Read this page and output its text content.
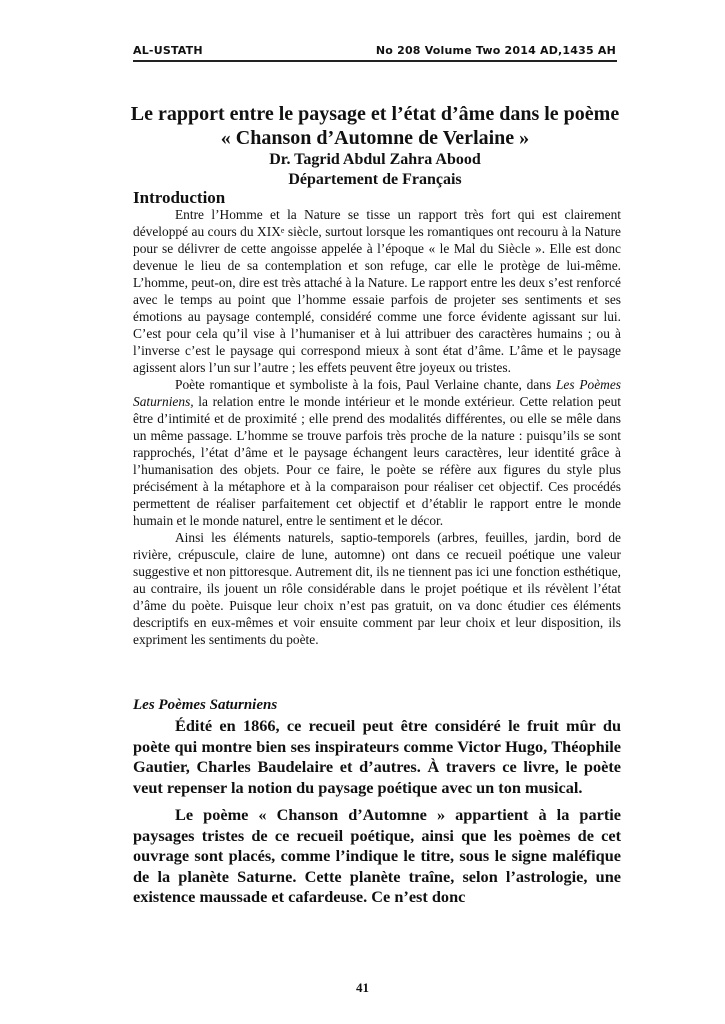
AL-USTATH	No 208 Volume Two 2014 AD,1435 AH
Le rapport entre le paysage et l’état d’âme dans le poème
« Chanson d’Automne de Verlaine »
Dr. Tagrid Abdul Zahra Abood
Département de Français
Introduction

Entre l’Homme et la Nature se tisse un rapport très fort qui est clairement développé au cours du XIXe siècle, surtout lorsque les romantiques ont recouru à la Nature pour se délivrer de cette angoisse appelée à l’époque « le Mal du Siècle ». Elle est donc devenue le lieu de sa contemplation et son refuge, car elle le protège de lui-même. L’homme, peut-on, dire est très attaché à la Nature. Le rapport entre les deux s’est renforcé avec le temps au point que l’homme essaie parfois de projeter ses sentiments et ses émotions au paysage contemplé, considéré comme une force évidente agissant sur lui. C’est pour cela qu’il vise à l’humaniser et à lui attribuer des caractères humains ; ou à l’inverse c’est le paysage qui correspond mieux à sont état d’âme. L’âme et le paysage agissent alors l’un sur l’autre ; les effets peuvent être joyeux ou tristes.

Poète romantique et symboliste à la fois, Paul Verlaine chante, dans Les Poèmes Saturniens, la relation entre le monde intérieur et le monde extérieur. Cette relation peut être d’intimité et de proximité ; elle prend des modalités différentes, ou elle se mêle dans un même passage. L’homme se trouve parfois très proche de la nature : puisqu’ils se sont rapprochés, l’état d’âme et le paysage échangent leurs caractères, leur identité grâce à l’humanisation des objets. Pour ce faire, le poète se réfère aux figures du style plus précisément à la métaphore et à la comparaison pour réaliser cet objectif. Ces procédés permettent de réaliser parfaitement cet objectif et d’établir le rapport entre le monde humain et le monde naturel, entre le sentiment et le décor.

Ainsi les éléments naturels, saptio-temporels (arbres, feuilles, jardin, bord de rivière, crépuscule, claire de lune, automne) ont dans ce recueil poétique une valeur suggestive et non pittoresque. Autrement dit, ils ne tiennent pas ici une fonction esthétique, au contraire, ils jouent un rôle considérable dans le projet poétique et ils révèlent l’état d’âme du poète. Puisque leur choix n’est pas gratuit, on va donc étudier ces éléments descriptifs en eux-mêmes et voir ensuite comment par leur choix et leur disposition, ils expriment les sentiments du poète.

Les Poèmes Saturniens

Édité en 1866, ce recueil peut être considéré le fruit mûr du poète qui montre bien ses inspirateurs comme Victor Hugo, Théophile Gautier, Charles Baudelaire et d’autres. À travers ce livre, le poète veut repenser la notion du paysage poétique avec un ton musical.

Le poème « Chanson d’Automne » appartient à la partie paysages tristes de ce recueil poétique, ainsi que les poèmes de cet ouvrage sont placés, comme l’indique le titre, sous le signe maléfique de la planète Saturne. Cette planète traîne, selon l’astrologie, une existence maussade et cafardeuse. Ce n’est donc

41
